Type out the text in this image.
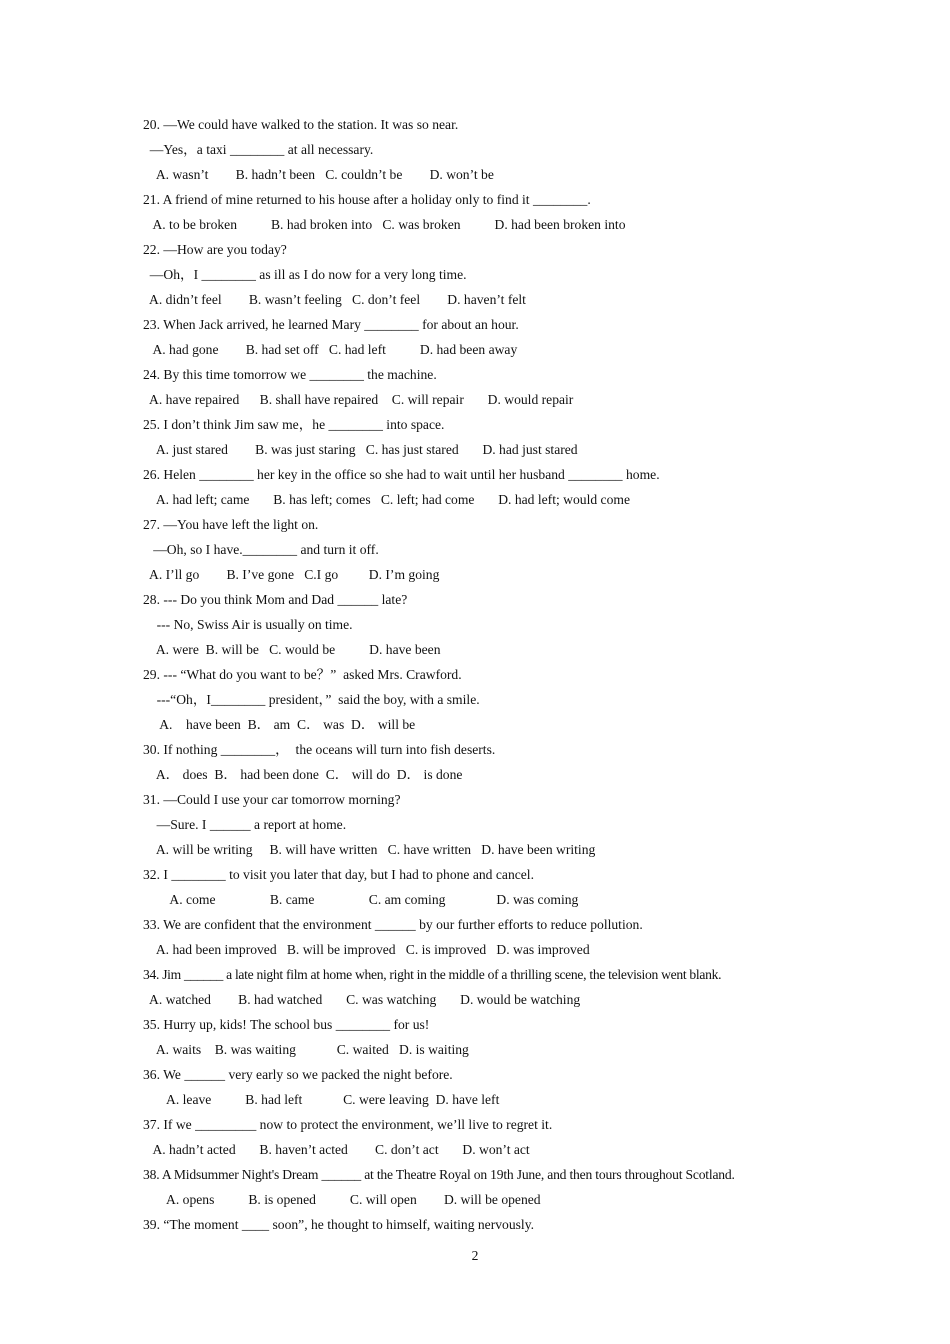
20. —We could have walked to the station. It was so near.
—Yes，a taxi ________ at all necessary.
A. wasn’t        B. hadn’t been   C. couldn’t be        D. won’t be
21. A friend of mine returned to his house after a holiday only to find it ________.
A. to be broken          B. had broken into   C. was broken          D. had been broken into
22. —How are you today?
—Oh，I ________ as ill as I do now for a very long time.
A. didn’t feel        B. wasn’t feeling   C. don’t feel        D. haven’t felt
23. When Jack arrived, he learned Mary ________ for about an hour.
A. had gone        B. had set off   C. had left          D. had been away
24. By this time tomorrow we ________ the machine.
A. have repaired      B. shall have repaired    C. will repair       D. would repair
25. I don’t think Jim saw me，he ________ into space.
A. just stared        B. was just staring   C. has just stared       D. had just stared
26. Helen ________ her key in the office so she had to wait until her husband ________ home.
A. had left; came       B. has left; comes   C. left; had come       D. had left; would come
27. —You have left the light on.
—Oh, so I have.________ and turn it off.
A. I’ll go        B. I’ve gone   C.I go         D. I’m going
28. --- Do you think Mom and Dad ______ late?
--- No, Swiss Air is usually on time.
A. were  B. will be   C. would be          D. have been
29. --- “What do you want to be？”  asked Mrs. Crawford.
---“Oh，I________ president，”  said the boy, with a smile.
A.    have been  B． am  C． was  D． will be
30. If nothing ________，  the oceans will turn into fish deserts.
A． does  B． had been done  C． will do  D． is done
31. —Could I use your car tomorrow morning?
—Sure. I ______ a report at home.
A. will be writing     B. will have written   C. have written   D. have been writing
32. I ________ to visit you later that day, but I had to phone and cancel.
A. come                B. came                C. am coming               D. was coming
33. We are confident that the environment ______ by our further efforts to reduce pollution.
A. had been improved   B. will be improved   C. is improved   D. was improved
34. Jim ______ a late night film at home when, right in the middle of a thrilling scene, the television went blank.
A. watched        B. had watched       C. was watching       D. would be watching
35. Hurry up, kids! The school bus ________ for us!
A. waits    B. was waiting            C. waited   D. is waiting
36. We ______ very early so we packed the night before.
A. leave          B. had left            C. were leaving  D. have left
37. If we _________ now to protect the environment, we’ll live to regret it.
A. hadn’t acted       B. haven’t acted        C. don’t act       D. won’t act
38. A Midsummer Night's Dream ______ at the Theatre Royal on 19th June, and then tours throughout Scotland.
A. opens          B. is opened          C. will open        D. will be opened
39. “The moment ____ soon”, he thought to himself, waiting nervously.
2
